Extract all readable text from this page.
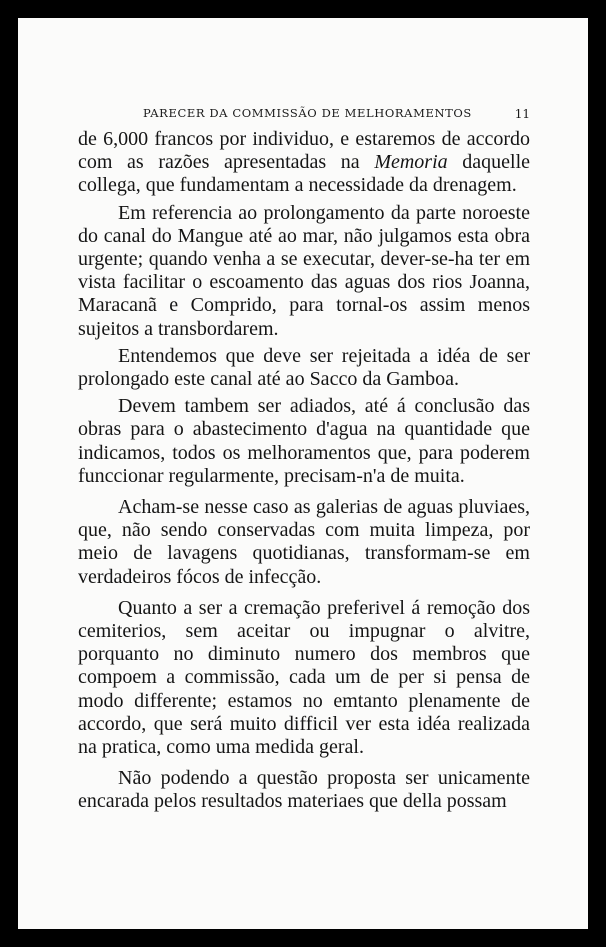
PARECER DA COMMISSÃO DE MELHORAMENTOS	11

de 6,000 francos por individuo, e estaremos de accordo com as razões apresentadas na Memoria daquelle collega, que fundamentam a necessidade da drenagem.

Em referencia ao prolongamento da parte noroeste do canal do Mangue até ao mar, não julgamos esta obra urgente; quando venha a se executar, dever-se-ha ter em vista facilitar o escoamento das aguas dos rios Joanna, Maracanã e Comprido, para tornal-os assim menos sujeitos a transbordarem.

Entendemos que deve ser rejeitada a idéa de ser prolongado este canal até ao Sacco da Gamboa.

Devem tambem ser adiados, até á conclusão das obras para o abastecimento d'agua na quantidade que indicamos, todos os melhoramentos que, para poderem funccionar regularmente, precisam-n'a de muita.

Acham-se nesse caso as galerias de aguas pluviaes, que, não sendo conservadas com muita limpeza, por meio de lavagens quotidianas, transformam-se em verdadeiros fócos de infecção.

Quanto a ser a cremação preferivel á remoção dos cemiterios, sem aceitar ou impugnar o alvitre, porquanto no diminuto numero dos membros que compoem a commissão, cada um de per si pensa de modo differente; estamos no emtanto plenamente de accordo, que será muito difficil ver esta idéa realizada na pratica, como uma medida geral.

Não podendo a questão proposta ser unicamente encarada pelos resultados materiaes que della possam
